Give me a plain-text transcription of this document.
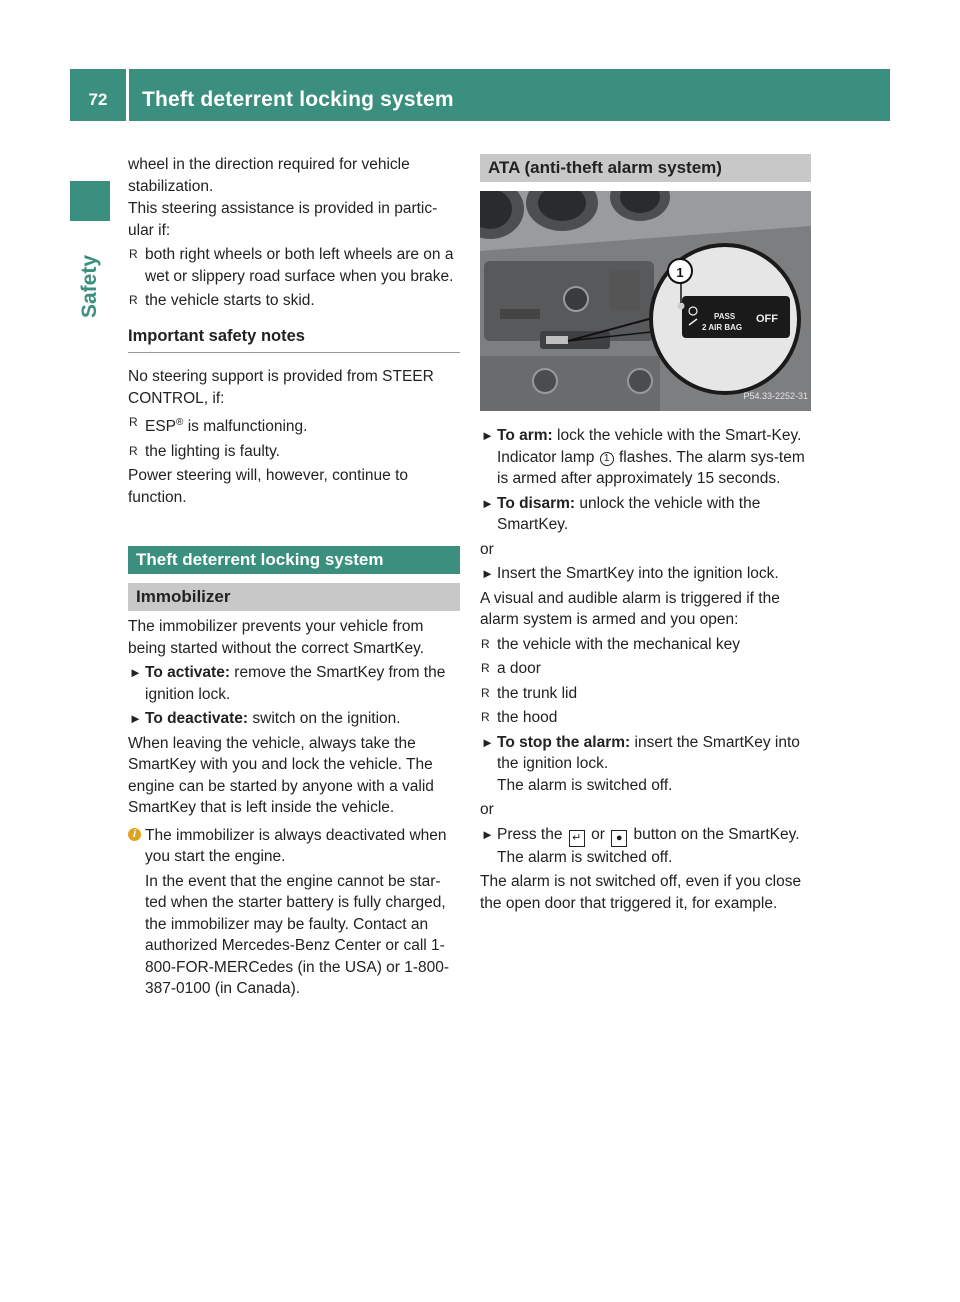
72	Theft deterrent locking system
Safety

wheel in the direction required for vehicle stabilization.

This steering assistance is provided in partic-ular if:

R both right wheels or both left wheels are on a wet or slippery road surface when you brake.
R the vehicle starts to skid.
Important safety notes

No steering support is provided from STEER CONTROL, if:

R ESP® is malfunctioning.
R the lighting is faulty.

Power steering will, however, continue to function.

Theft deterrent locking system
Immobilizer

The immobilizer prevents your vehicle from being started without the correct SmartKey.

► To activate: remove the SmartKey from the ignition lock.
► To deactivate: switch on the ignition.

When leaving the vehicle, always take the SmartKey with you and lock the vehicle. The engine can be started by anyone with a valid SmartKey that is left inside the vehicle.

i The immobilizer is always deactivated when you start the engine.

In the event that the engine cannot be star-ted when the starter battery is fully charged, the immobilizer may be faulty. Contact an authorized Mercedes-Benz Center or call 1-800-FOR-MERCedes (in the USA) or 1-800-387-0100 (in Canada).

ATA (anti-theft alarm system)
1
PASS
2 AIR BAG
OFF
P54.33-2252-31
► To arm: lock the vehicle with the Smart-Key.
Indicator lamp 1 flashes. The alarm sys-tem is armed after approximately 15 seconds.
► To disarm: unlock the vehicle with the SmartKey.

or

► Insert the SmartKey into the ignition lock.

A visual and audible alarm is triggered if the alarm system is armed and you open:

R the vehicle with the mechanical key
R a door
R the trunk lid
R the hood
► To stop the alarm: insert the SmartKey into the ignition lock.
The alarm is switched off.

or

► Press the ↵ or ● button on the SmartKey.
The alarm is switched off.

The alarm is not switched off, even if you close the open door that triggered it, for example.
